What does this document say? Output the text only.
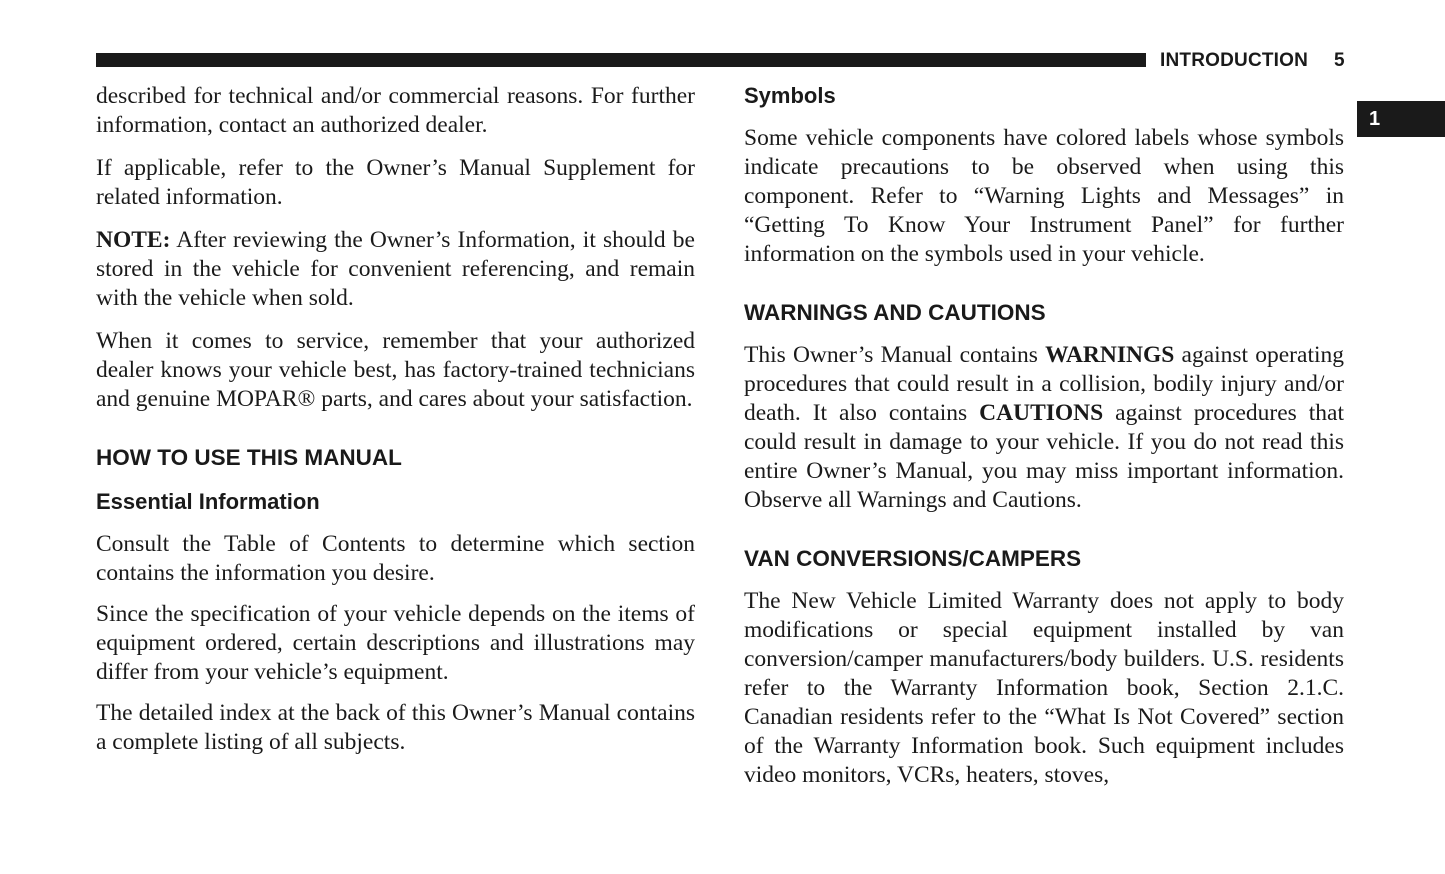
INTRODUCTION 5
1

described for technical and/or commercial reasons. For further information, contact an authorized dealer.

If applicable, refer to the Owner’s Manual Supplement for related information.

NOTE: After reviewing the Owner’s Information, it should be stored in the vehicle for convenient referencing, and remain with the vehicle when sold.

When it comes to service, remember that your authorized dealer knows your vehicle best, has factory-trained technicians and genuine MOPAR® parts, and cares about your satisfaction.

HOW TO USE THIS MANUAL
Essential Information

Consult the Table of Contents to determine which section contains the information you desire.

Since the specification of your vehicle depends on the items of equipment ordered, certain descriptions and illustrations may differ from your vehicle’s equipment.

The detailed index at the back of this Owner’s Manual contains a complete listing of all subjects.

Symbols

Some vehicle components have colored labels whose symbols indicate precautions to be observed when using this component. Refer to “Warning Lights and Messages” in “Getting To Know Your Instrument Panel” for further information on the symbols used in your vehicle.

WARNINGS AND CAUTIONS

This Owner’s Manual contains WARNINGS against operating procedures that could result in a collision, bodily injury and/or death. It also contains CAUTIONS against procedures that could result in damage to your vehicle. If you do not read this entire Owner’s Manual, you may miss important information. Observe all Warnings and Cautions.

VAN CONVERSIONS/CAMPERS

The New Vehicle Limited Warranty does not apply to body modifications or special equipment installed by van conversion/camper manufacturers/body builders. U.S. residents refer to the Warranty Information book, Section 2.1.C. Canadian residents refer to the “What Is Not Covered” section of the Warranty Information book. Such equipment includes video monitors, VCRs, heaters, stoves,
